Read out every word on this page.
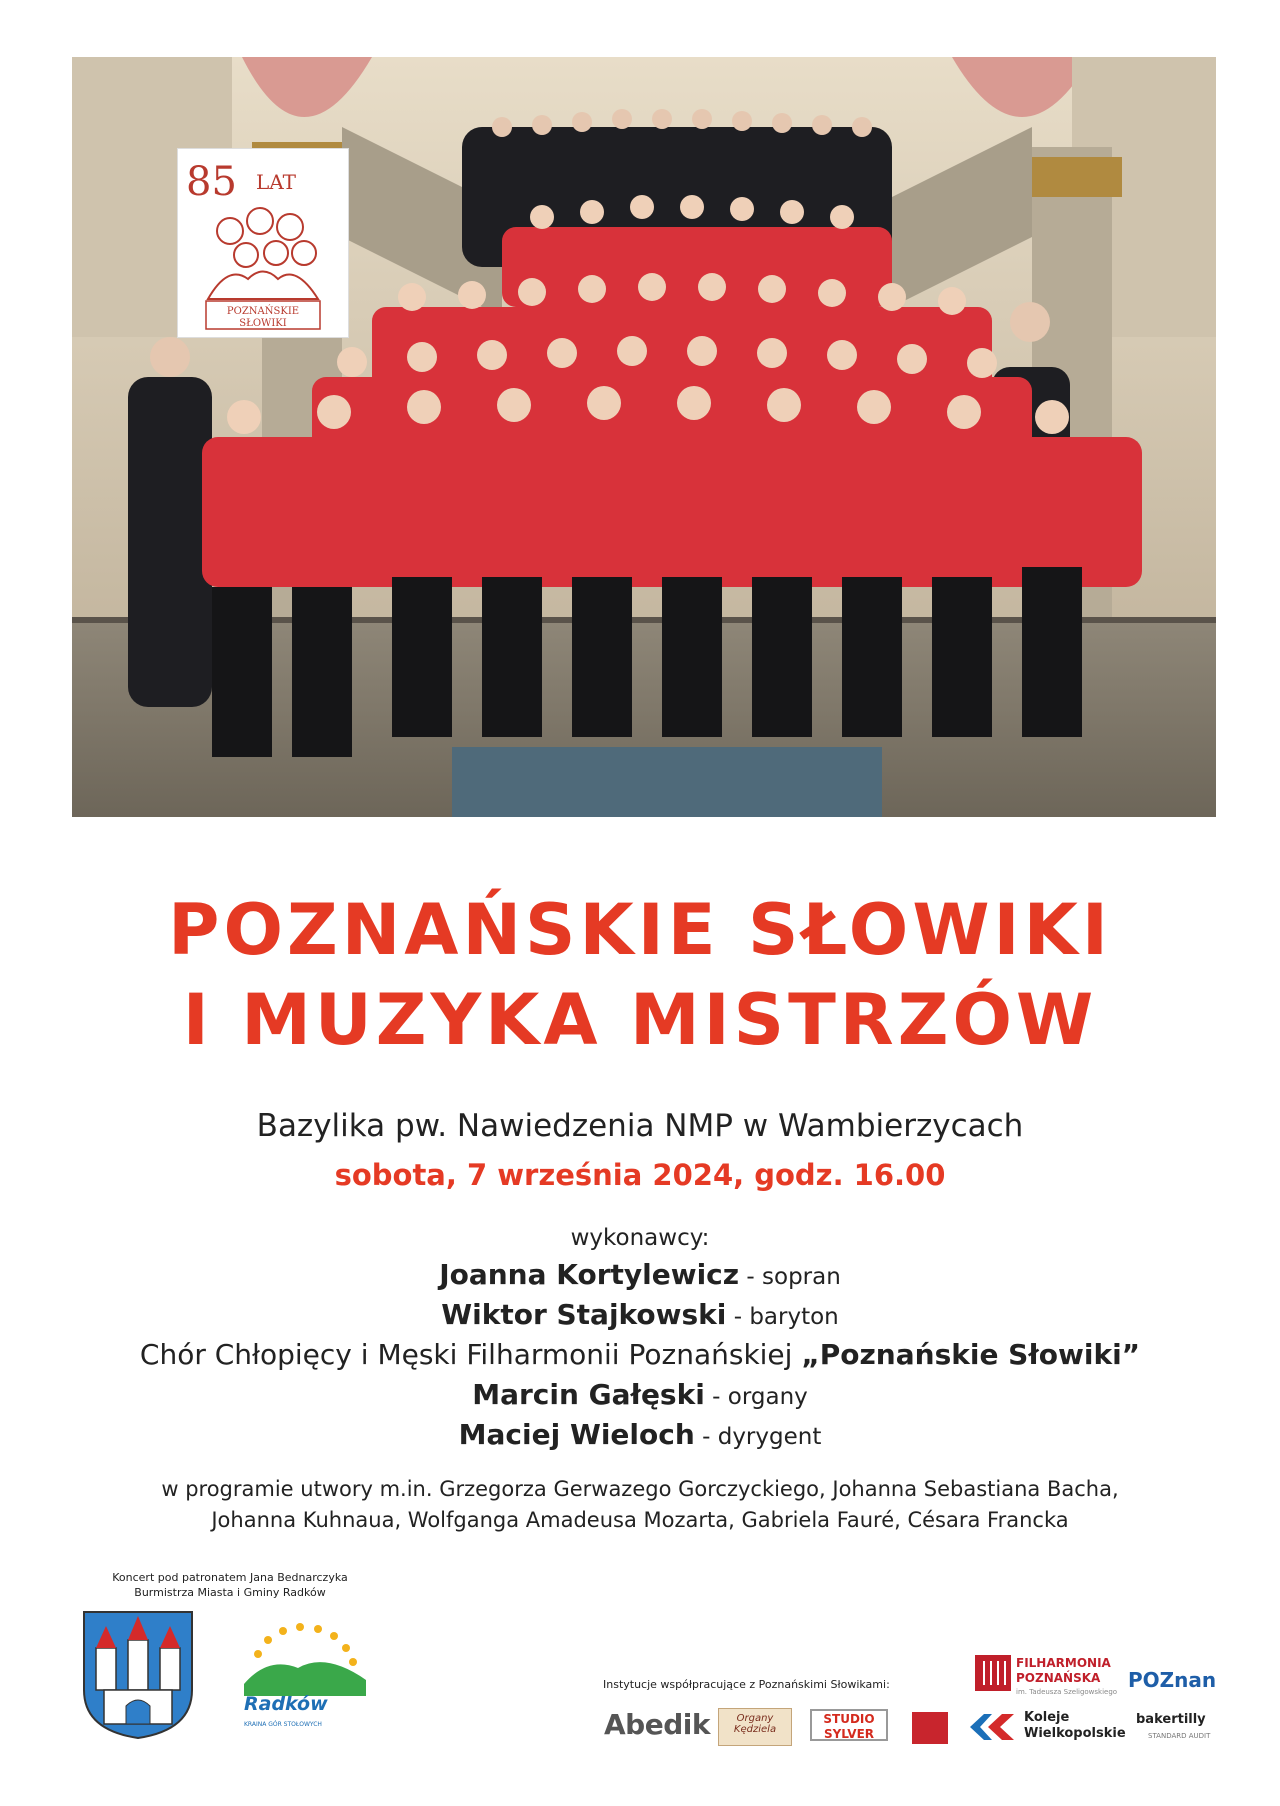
85 LAT
POZNAŃSKIE
SŁOWIKI
POZNAŃSKIE SŁOWIKI
I MUZYKA MISTRZÓW
Bazylika pw. Nawiedzenia NMP w Wambierzycach
sobota, 7 września 2024, godz. 16.00
wykonawcy:
Joanna Kortylewicz - sopran
Wiktor Stajkowski - baryton
Chór Chłopięcy i Męski Filharmonii Poznańskiej „Poznańskie Słowiki”
Marcin Gałęski - organy
Maciej Wieloch - dyrygent
w programie utwory m.in. Grzegorza Gerwazego Gorczyckiego, Johanna Sebastiana Bacha,
Johanna Kuhnaua, Wolfganga Amadeusa Mozarta, Gabriela Fauré, Césara Francka
Koncert pod patronatem Jana Bednarczyka
Burmistrza Miasta i Gminy Radków
Radków
KRAINA GÓR STOŁOWYCH
Instytucje współpracujące z Poznańskimi Słowikami:
Abedik	Organy Kędziela
STUDIO
SYLVER
FILHARMONIA
POZNAŃSKA
im. Tadeusza Szeligowskiego POZnan
Koleje
Wielkopolskie
bakertilly
STANDARD AUDIT
